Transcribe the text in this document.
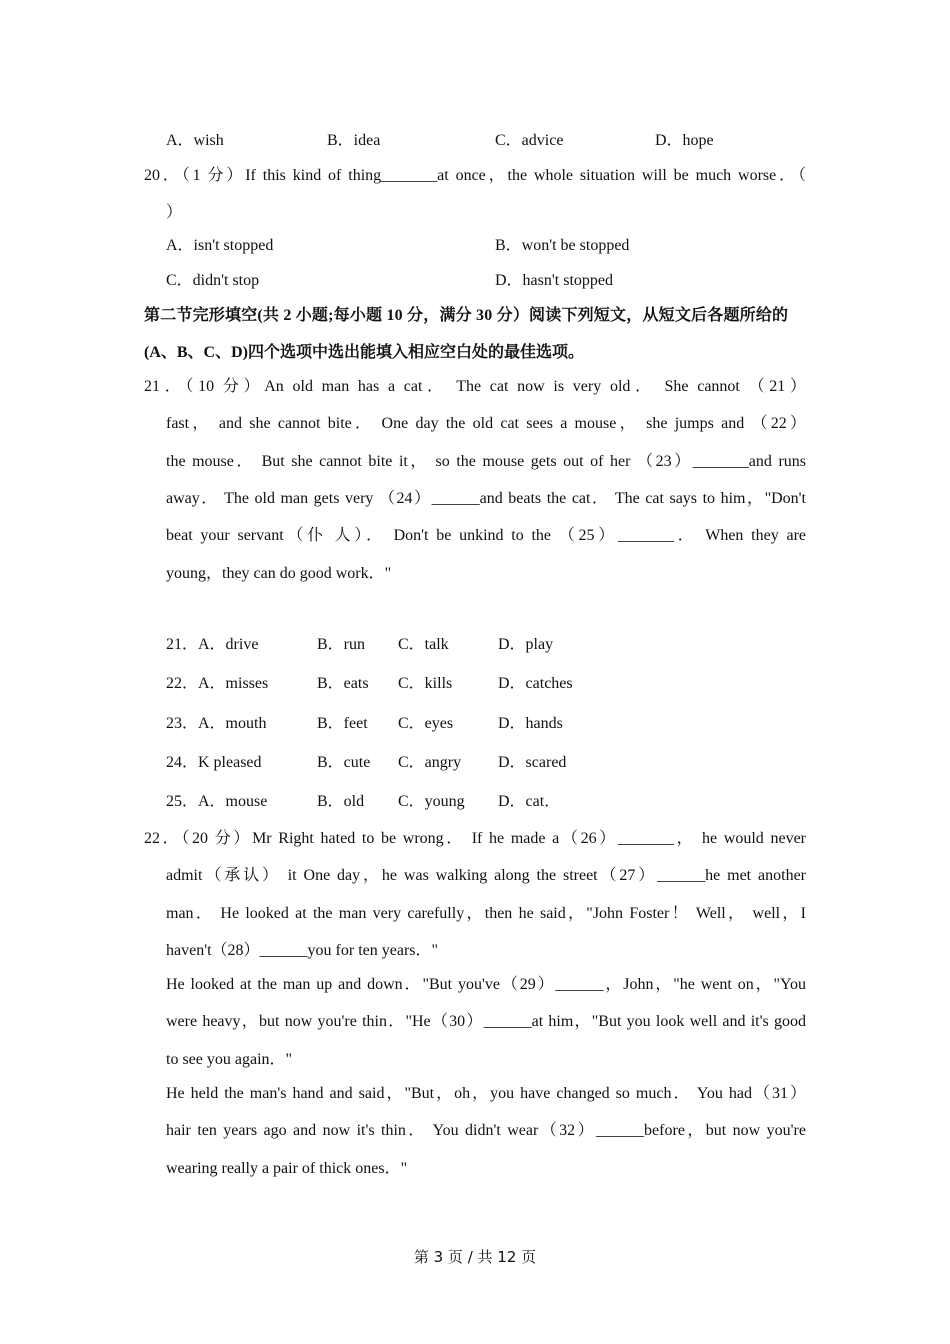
A．wish	B．idea	C．advice	D．hope
20．（1 分）If this kind of thing_______at once，the whole situation will be much worse．（
）
A．isn't stopped	B．won't be stopped
C．didn't stop	D．hasn't stopped
第二节完形填空(共 2 小题;每小题 10 分，满分 30 分）阅读下列短文，从短文后各题所给的
(A、B、C、D)四个选项中选出能填入相应空白处的最佳选项。
21．（10 分）An old man has a cat． The cat now is very old． She cannot （21）
fast， and she cannot bite． One day the old cat sees a mouse， she jumps and （22）
the mouse． But she cannot bite it， so the mouse gets out of her （23）_______and runs
away． The old man gets very （24）______and beats the cat． The cat says to him，"Don't
beat your servant（仆 人）． Don't be unkind to the （25）_______． When they are
young，they can do good work．"
21．A．drive	B．run C．talk	D．play
22．A．misses	B．eats C．kills	D．catches
23．A．mouth	B．feet C．eyes	D．hands
24．K pleased	B．cute C．angry D．scared
25．A．mouse	B．old C．young D．cat．
22．（20 分）Mr Right hated to be wrong． If he made a（26）_______， he would never
admit（承认） it One day，he was walking along the street（27）______he met another
man． He looked at the man very carefully，then he said，"John Foster！ Well， well，I
haven't（28）______you for ten years．"
He looked at the man up and down．"But you've（29）______，John，"he went on，"You
were heavy，but now you're thin．"He（30）______at him，"But you look well and it's good
to see you again．"
He held the man's hand and said，"But，oh，you have changed so much． You had（31）
hair ten years ago and now it's thin． You didn't wear（32）______before，but now you're
wearing really a pair of thick ones．"
第 3 页 / 共 12 页
